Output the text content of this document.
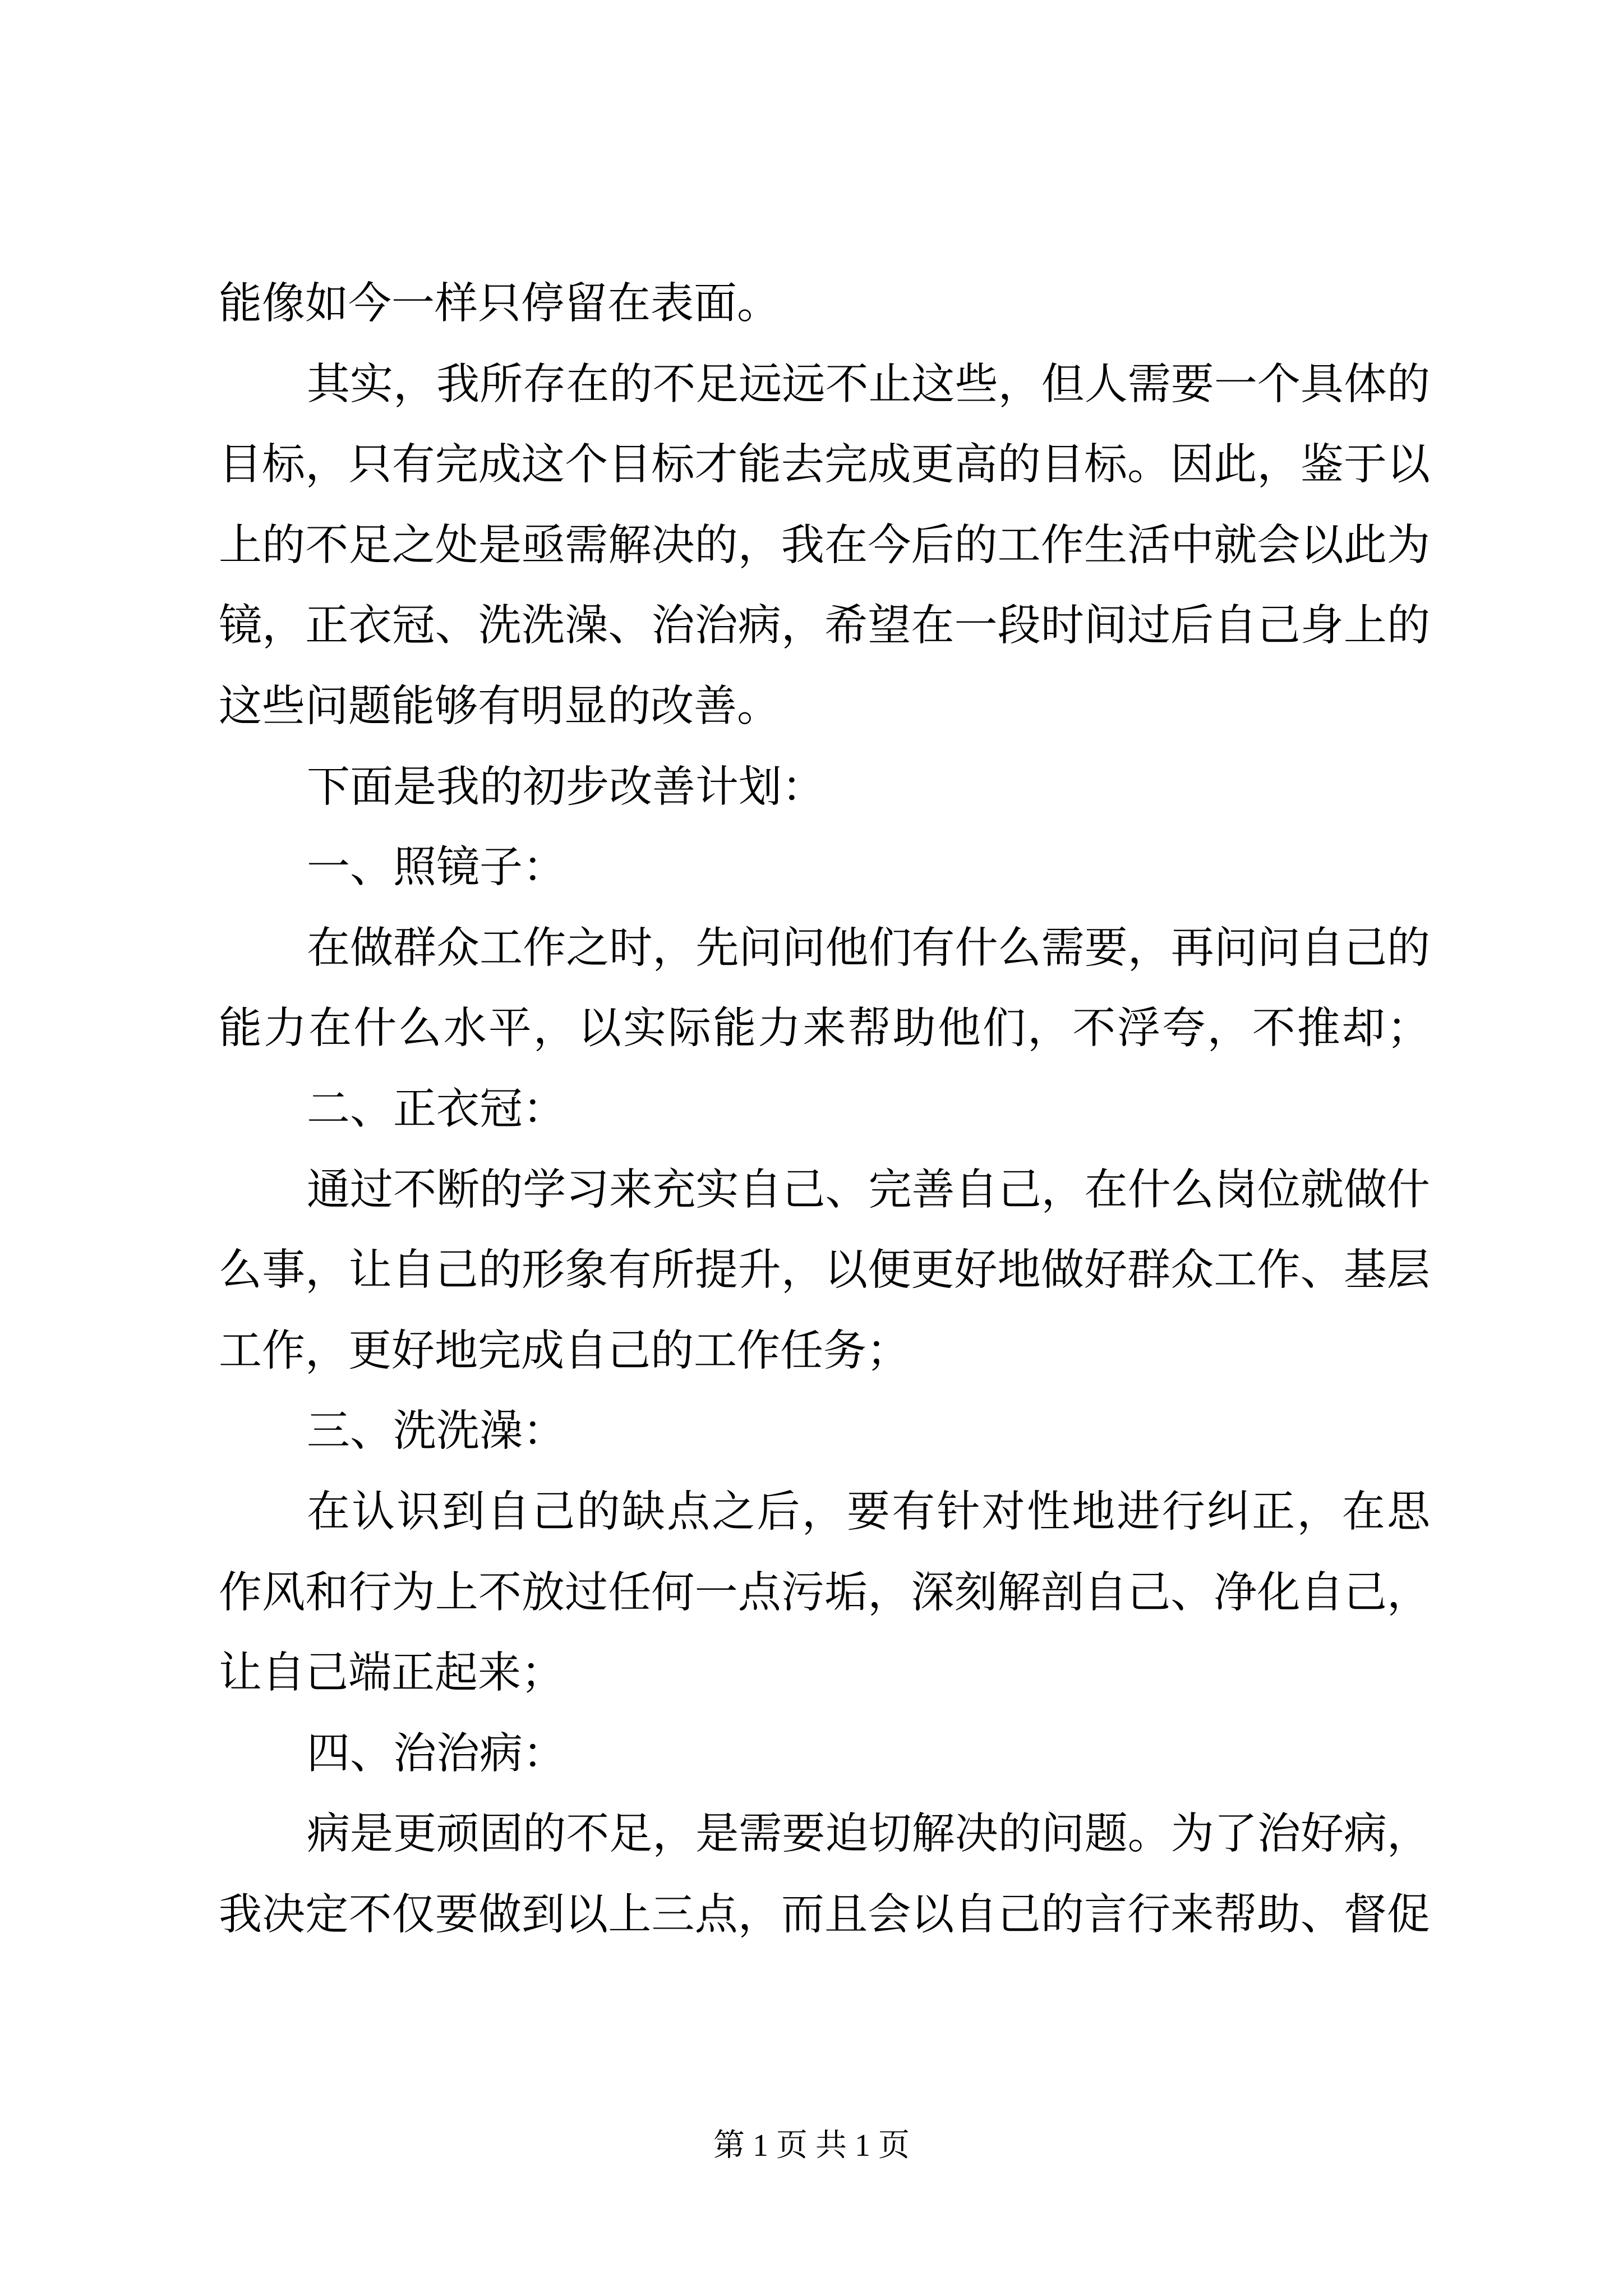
能像如今一样只停留在表面。
其实，我所存在的不足远远不止这些，但人需要一个具体的
目标，只有完成这个目标才能去完成更高的目标。因此，鉴于以
上的不足之处是亟需解决的，我在今后的工作生活中就会以此为
镜，正衣冠、洗洗澡、治治病，希望在一段时间过后自己身上的
这些问题能够有明显的改善。
下面是我的初步改善计划：
一、照镜子：
在做群众工作之时，先问问他们有什么需要，再问问自己的
能力在什么水平，以实际能力来帮助他们，不浮夸，不推却；
二、正衣冠：
通过不断的学习来充实自己、完善自己，在什么岗位就做什
么事，让自己的形象有所提升，以便更好地做好群众工作、基层
工作，更好地完成自己的工作任务；
三、洗洗澡：
在认识到自己的缺点之后，要有针对性地进行纠正，在思
作风和行为上不放过任何一点污垢，深刻解剖自己、净化自己，
让自己端正起来；
四、治治病：
病是更顽固的不足，是需要迫切解决的问题。为了治好病，
我决定不仅要做到以上三点，而且会以自己的言行来帮助、督促
第 1 页 共 1 页
